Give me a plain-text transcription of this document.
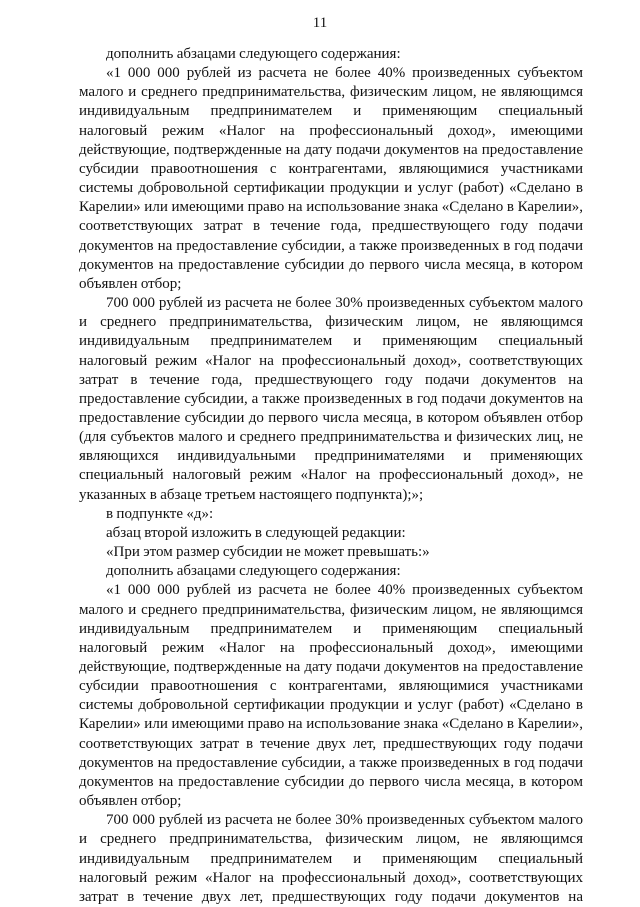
11

дополнить абзацами следующего содержания:

«1 000 000 рублей из расчета не более 40% произведенных субъектом малого и среднего предпринимательства, физическим лицом, не являющимся индивидуальным предпринимателем и применяющим специальный налоговый режим «Налог на профессиональный доход», имеющими действующие, подтвержденные на дату подачи документов на предоставление субсидии правоотношения с контрагентами, являющимися участниками системы добровольной сертификации продукции и услуг (работ) «Сделано в Карелии» или имеющими право на использование знака «Сделано в Карелии», соответствующих затрат в течение года, предшествующего году подачи документов на предоставление субсидии, а также произведенных в год подачи документов на предоставление субсидии до первого числа месяца, в котором объявлен отбор;

700 000 рублей из расчета не более 30% произведенных субъектом малого и среднего предпринимательства, физическим лицом, не являющимся индивидуальным предпринимателем и применяющим специальный налоговый режим «Налог на профессиональный доход», соответствующих затрат в течение года, предшествующего году подачи документов на предоставление субсидии, а также произведенных в год подачи документов на предоставление субсидии до первого числа месяца, в котором объявлен отбор (для субъектов малого и среднего предпринимательства и физических лиц, не являющихся индивидуальными предпринимателями и применяющих специальный налоговый режим «Налог на профессиональный доход», не указанных в абзаце третьем настоящего подпункта);»;

в подпункте «д»:

абзац второй изложить в следующей редакции:

«При этом размер субсидии не может превышать:»

дополнить абзацами следующего содержания:

«1 000 000 рублей из расчета не более 40% произведенных субъектом малого и среднего предпринимательства, физическим лицом, не являющимся индивидуальным предпринимателем и применяющим специальный налоговый режим «Налог на профессиональный доход», имеющими действующие, подтвержденные на дату подачи документов на предоставление субсидии правоотношения с контрагентами, являющимися участниками системы добровольной сертификации продукции и услуг (работ) «Сделано в Карелии» или имеющими право на использование знака «Сделано в Карелии», соответствующих затрат в течение двух лет, предшествующих году подачи документов на предоставление субсидии, а также произведенных в год подачи документов на предоставление субсидии до первого числа месяца, в котором объявлен отбор;

700 000 рублей из расчета не более 30% произведенных субъектом малого и среднего предпринимательства, физическим лицом, не являющимся индивидуальным предпринимателем и применяющим специальный налоговый режим «Налог на профессиональный доход», соответствующих затрат в течение двух лет, предшествующих году подачи документов на
